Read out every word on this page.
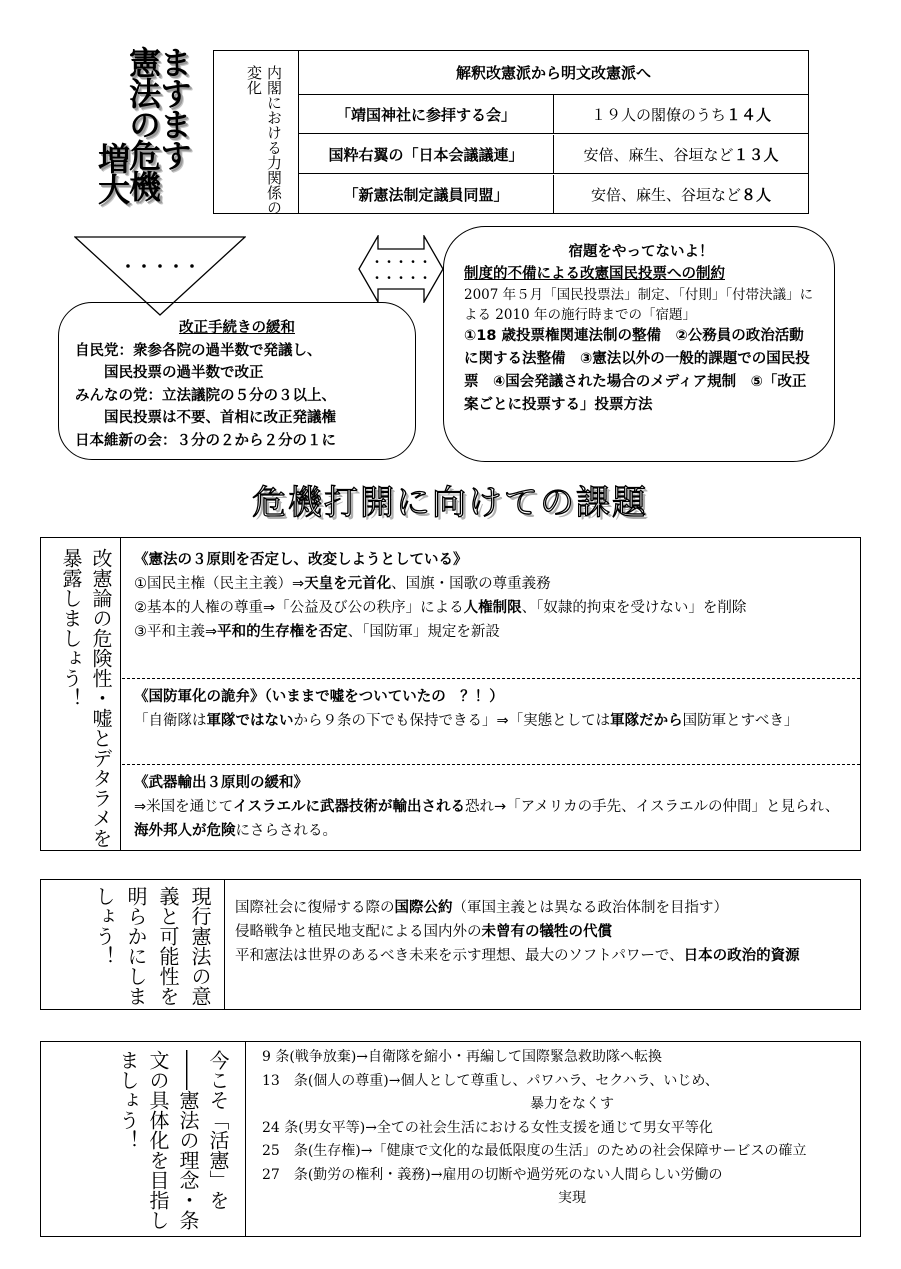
ますます
憲法の危機
増大	内閣における力関係の変化	解釈改憲派から 明文改憲派 へ
「靖国神社に参拝する会」	１９人の閣僚のうち １４人
国粋右翼の「日本会議議連」	安倍、麻生、谷垣など １３人
「新憲法制定議員同盟」	安倍、麻生、谷垣など ８人
・・・・・	・・・・・
・・・・・
改正手続きの緩和
自民党：衆参各院の過半数で発議し、
　　国民投票の過半数で改正
みんなの党：立法議院の５分の３以上、
　　国民投票は不要、首相に改正発議権
日本維新の会：３分の２から２分の１に
宿題をやってないよ！
制度的不備による改憲国民投票への制約
2007 年５月「国民投票法」制定、「付則」「付帯決議」による 2010 年の施行時までの「宿題」
①18 歳投票権関連法制の整備　②公務員の政治活動に関する法整備　③憲法以外の一般的課題での国民投票　④国会発議された場合のメディア規制　⑤「改正案ごとに投票する」投票方法
危機打開に向けての課題
改憲論の危険性・嘘とデタラメを暴露しましょう！	《憲法の３原則を否定し、改変しようとしている》
①国民主権（民主主義）⇒天皇を元首化、国旗・国歌の尊重義務
②基本的人権の尊重⇒「公益及び公の秩序」による人権制限、「奴隷的拘束を受けない」を削除
③平和主義⇒平和的生存権を否定、「国防軍」規定を新設
《国防軍化の詭弁》（いままで嘘をついていたの　？！）
「自衛隊は軍隊ではないから９条の下でも保持できる」⇒「実態としては軍隊だから国防軍とすべき」
《武器輸出３原則の緩和》
⇒米国を通じてイスラエルに武器技術が輸出される恐れ→「アメリカの手先、イスラエルの仲間」と見られ、海外邦人が危険にさらされる。
現行憲法の意義と可能性を明らかにしましょう！	国際社会に復帰する際の国際公約（軍国主義とは異なる政治体制を目指す）
侵略戦争と植民地支配による国内外の未曾有の犠牲の代償
平和憲法は世界のあるべき未来を示す理想、最大のソフトパワーで、日本の政治的資源
今こそ「活憲」を――憲法の理念・条文の具体化を目指しましょう！	9 条(戦争放棄)→自衛隊を縮小・再編して国際緊急救助隊へ転換
13　条(個人の尊重)→個人として尊重し、パワハラ、セクハラ、いじめ、
暴力をなくす
24 条(男女平等)→全ての社会生活における女性支援を通じて男女平等化
25　条(生存権)→「健康で文化的な最低限度の生活」のための社会保障サービスの確立
27　条(勤労の権利・義務)→雇用の切断や過労死のない人間らしい労働の
実現
